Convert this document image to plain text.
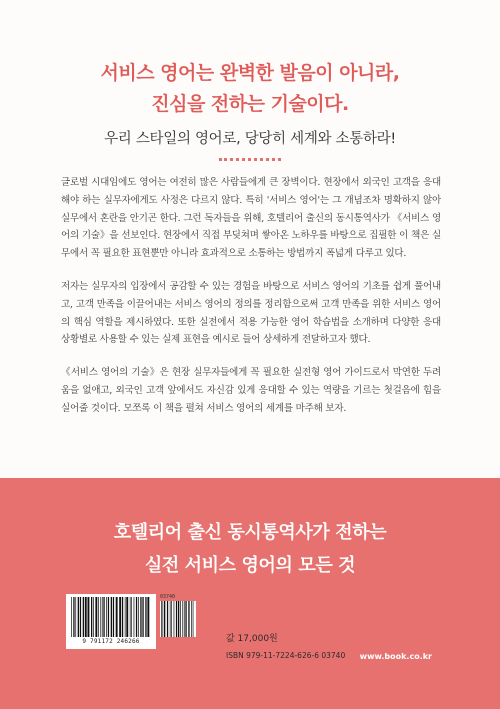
서비스 영어는 완벽한 발음이 아니라,
진심을 전하는 기술이다.
우리 스타일의 영어로, 당당히 세계와 소통하라!

글로벌 시대임에도 영어는 여전히 많은 사람들에게 큰 장벽이다. 현장에서 외국인 고객을 응대해야 하는 실무자에게도 사정은 다르지 않다. 특히 '서비스 영어'는 그 개념조차 명확하지 않아 실무에서 혼란을 안기곤 한다. 그런 독자들을 위해, 호텔리어 출신의 동시통역사가 《서비스 영어의 기술》을 선보인다. 현장에서 직접 부딪쳐며 쌓아온 노하우를 바탕으로 집필한 이 책은 실무에서 꼭 필요한 표현뿐만 아니라 효과적으로 소통하는 방법까지 폭넓게 다루고 있다.

저자는 실무자의 입장에서 공감할 수 있는 경험을 바탕으로 서비스 영어의 기초를 쉽게 풀어내고, 고객 만족을 이끌어내는 서비스 영어의 정의를 정리함으로써 고객 만족을 위한 서비스 영어의 핵심 역할을 제시하였다. 또한 실전에서 적용 가능한 영어 학습법을 소개하며 다양한 응대 상황별로 사용할 수 있는 실제 표현을 예시로 들어 상세하게 전달하고자 했다.

《서비스 영어의 기술》은 현장 실무자들에게 꼭 필요한 실전형 영어 가이드로서 막연한 두려움을 없애고, 외국인 고객 앞에서도 자신감 있게 응대할 수 있는 역량을 기르는 첫걸음에 힘을 실어줄 것이다. 모쪼록 이 책을 펼쳐 서비스 영어의 세계를 마주해 보자.

호텔리어 출신 동시통역사가 전하는
실전 서비스 영어의 모든 것
9 791172 246266
03740
값 17,000원
ISBN 979-11-7224-626-6 03740 www.book.co.kr
